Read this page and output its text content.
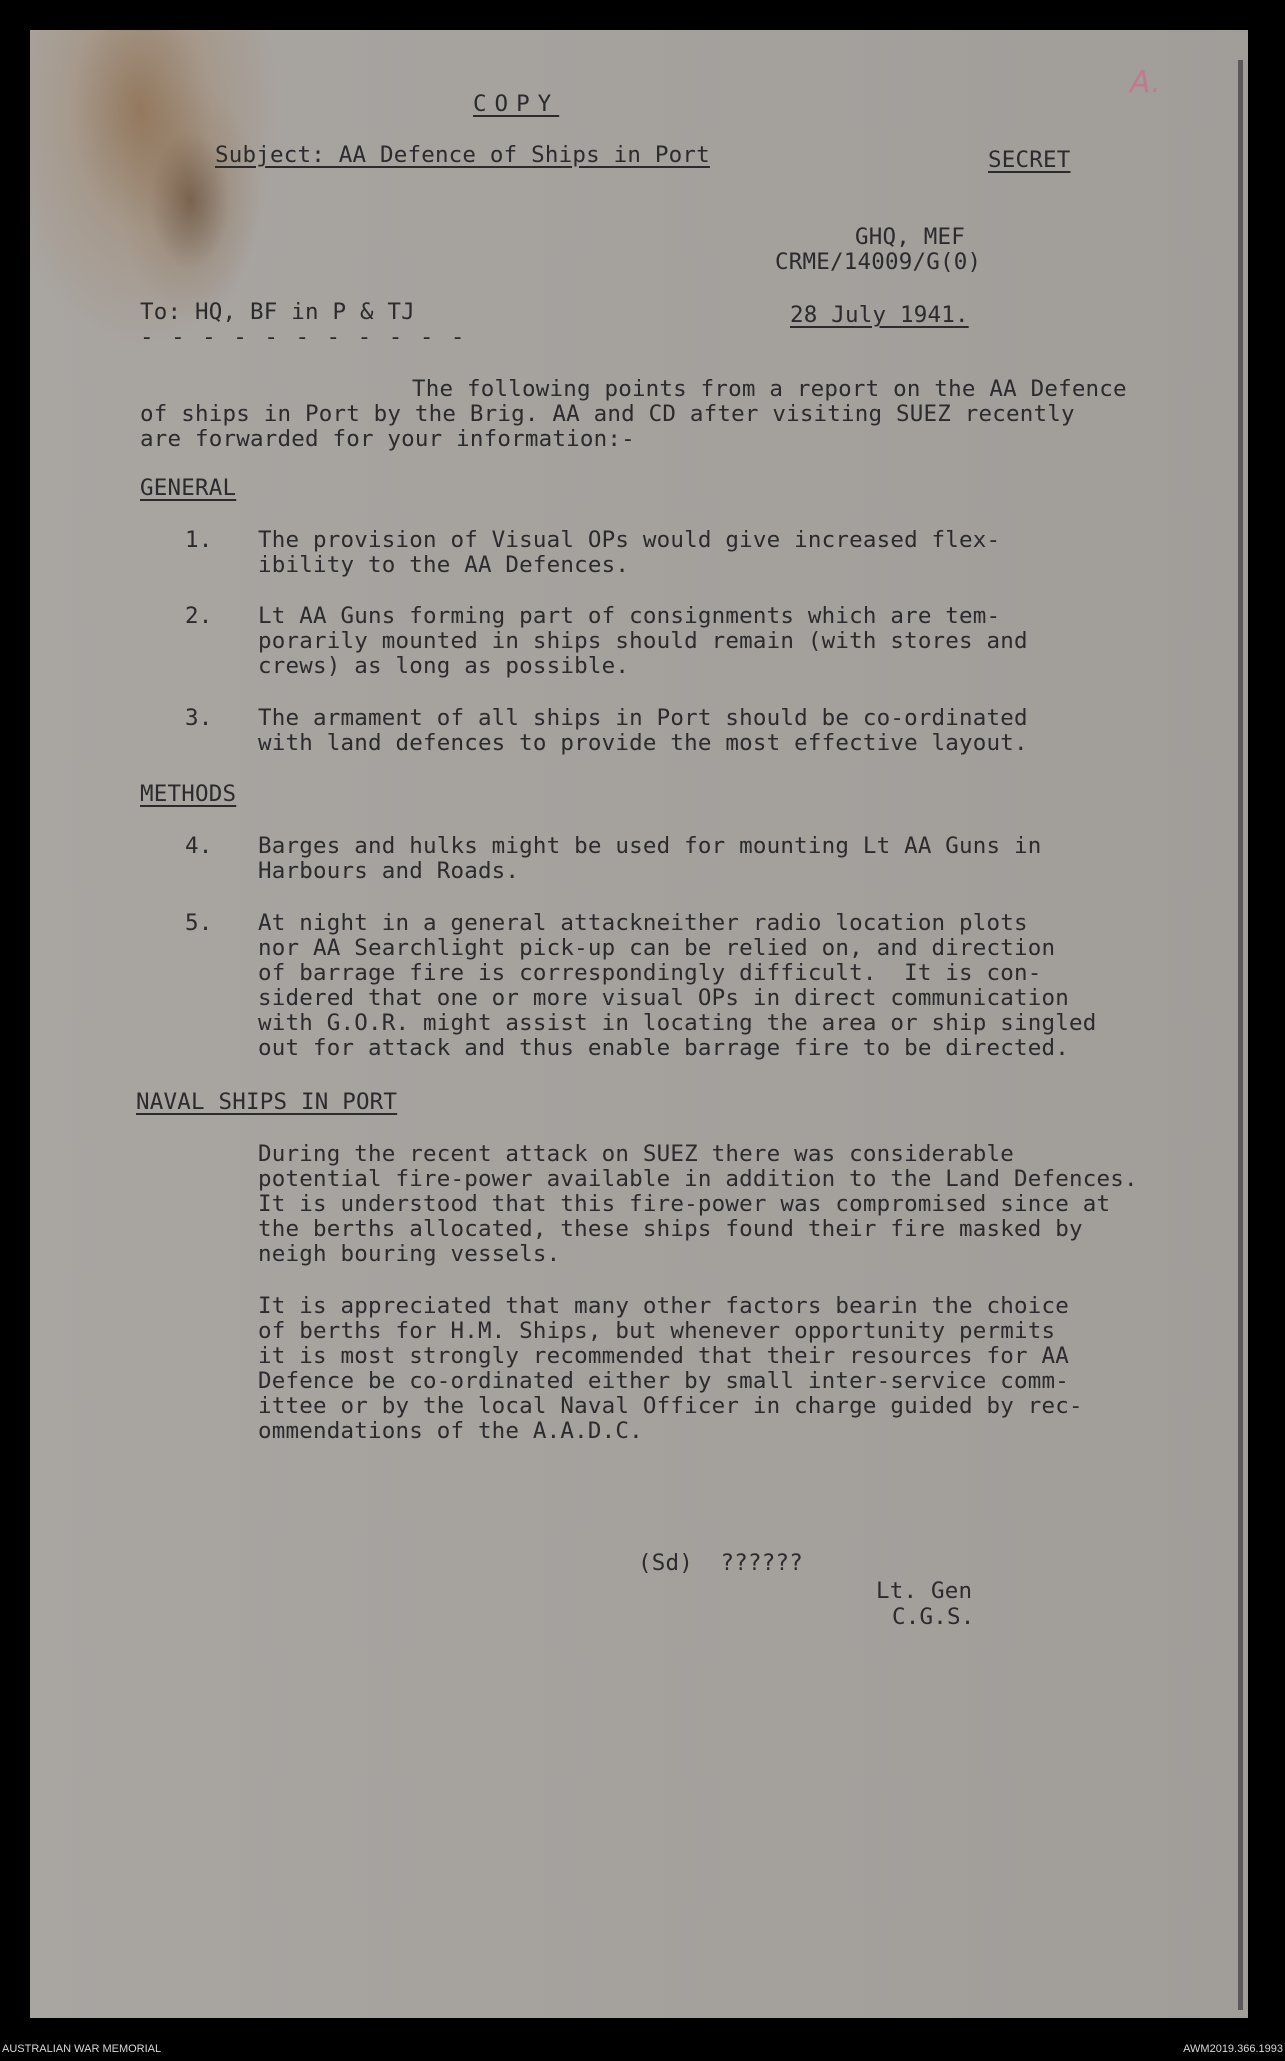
A.
COPY
Subject: AA Defence of Ships in Port	SECRET
GHQ, MEF
CRME/14009/G(0)
To: HQ, BF in P & TJ
- - - - - - - - - - -
28 July 1941.
The following points from a report on the AA Defence
of ships in Port by the Brig. AA and CD after visiting SUEZ recently
are forwarded for your information:-
GENERAL
1. The provision of Visual OPs would give increased flex-
ibility to the AA Defences.
2. Lt AA Guns forming part of consignments which are tem-
porarily mounted in ships should remain (with stores and
crews) as long as possible.
3. The armament of all ships in Port should be co-ordinated
with land defences to provide the most effective layout.
METHODS
4. Barges and hulks might be used for mounting Lt AA Guns in
Harbours and Roads.
5. At night in a general attackneither radio location plots
nor AA Searchlight pick-up can be relied on, and direction
of barrage fire is correspondingly difficult.  It is con-
sidered that one or more visual OPs in direct communication
with G.O.R. might assist in locating the area or ship singled
out for attack and thus enable barrage fire to be directed.
NAVAL SHIPS IN PORT
During the recent attack on SUEZ there was considerable
potential fire-power available in addition to the Land Defences.
It is understood that this fire-power was compromised since at
the berths allocated, these ships found their fire masked by
neigh bouring vessels.
It is appreciated that many other factors bearin the choice
of berths for H.M. Ships, but whenever opportunity permits
it is most strongly recommended that their resources for AA
Defence be co-ordinated either by small inter-service comm-
ittee or by the local Naval Officer in charge guided by rec-
ommendations of the A.A.D.C.
(Sd)  ??????
Lt. Gen
C.G.S.
AUSTRALIAN WAR MEMORIAL	AWM2019.366.1993
